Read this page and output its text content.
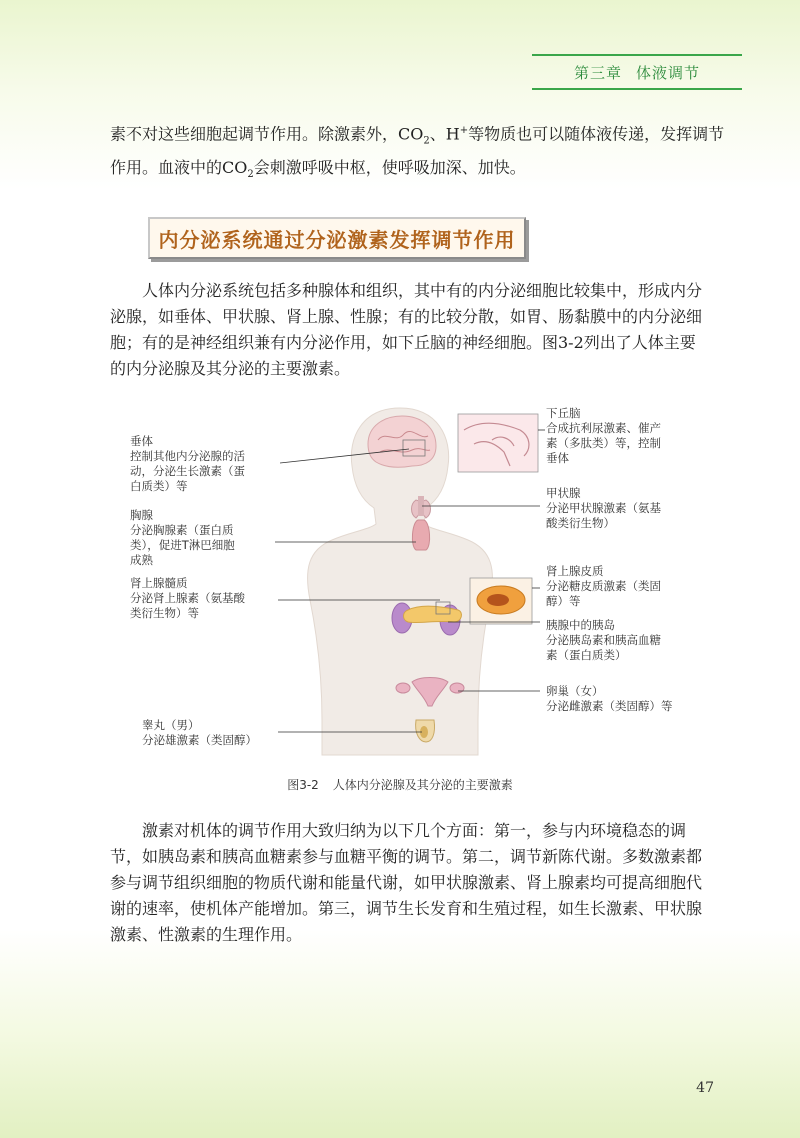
第三章 体液调节
素不对这些细胞起调节作用。除激素外，$CO_2$、H+等物质也可以随体液传递，发挥调节
作用。血液中的$CO_2$会刺激呼吸中枢，使呼吸加深、加快。
内分泌系统通过分泌激素发挥调节作用
人体内分泌系统包括多种腺体和组织，其中有的内分泌细胞比较集中，形成内分
泌腺，如垂体、甲状腺、肾上腺、性腺；有的比较分散，如胃、肠黏膜中的内分泌细
胞；有的是神经组织兼有内分泌作用，如下丘脑的神经细胞。图3-2列出了人体主要
的内分泌腺及其分泌的主要激素。
下丘脑
合成抗利尿激素、催产
素（多肽类）等，控制
垂体
垂体
控制其他内分泌腺的活
动，分泌生长激素（蛋
白质类）等	甲状腺
分泌甲状腺激素（氨基
酸类衍生物）
胸腺
分泌胸腺素（蛋白质
类），促进T淋巴细胞
成熟
肾上腺皮质
分泌糖皮质激素（类固
醇）等
肾上腺髓质
分泌肾上腺素（氨基酸
类衍生物）等
胰腺中的胰岛
分泌胰岛素和胰高血糖
素（蛋白质类）
卵巢（女）
分泌雌激素（类固醇）等
睾丸（男）
分泌雄激素（类固醇）
图3-2 人体内分泌腺及其分泌的主要激素
激素对机体的调节作用大致归纳为以下几个方面：第一，参与内环境稳态的调
节，如胰岛素和胰高血糖素参与血糖平衡的调节。第二，调节新陈代谢。多数激素都
参与调节组织细胞的物质代谢和能量代谢，如甲状腺激素、肾上腺素均可提高细胞代
谢的速率，使机体产能增加。第三，调节生长发育和生殖过程，如生长激素、甲状腺
激素、性激素的生理作用。
47
